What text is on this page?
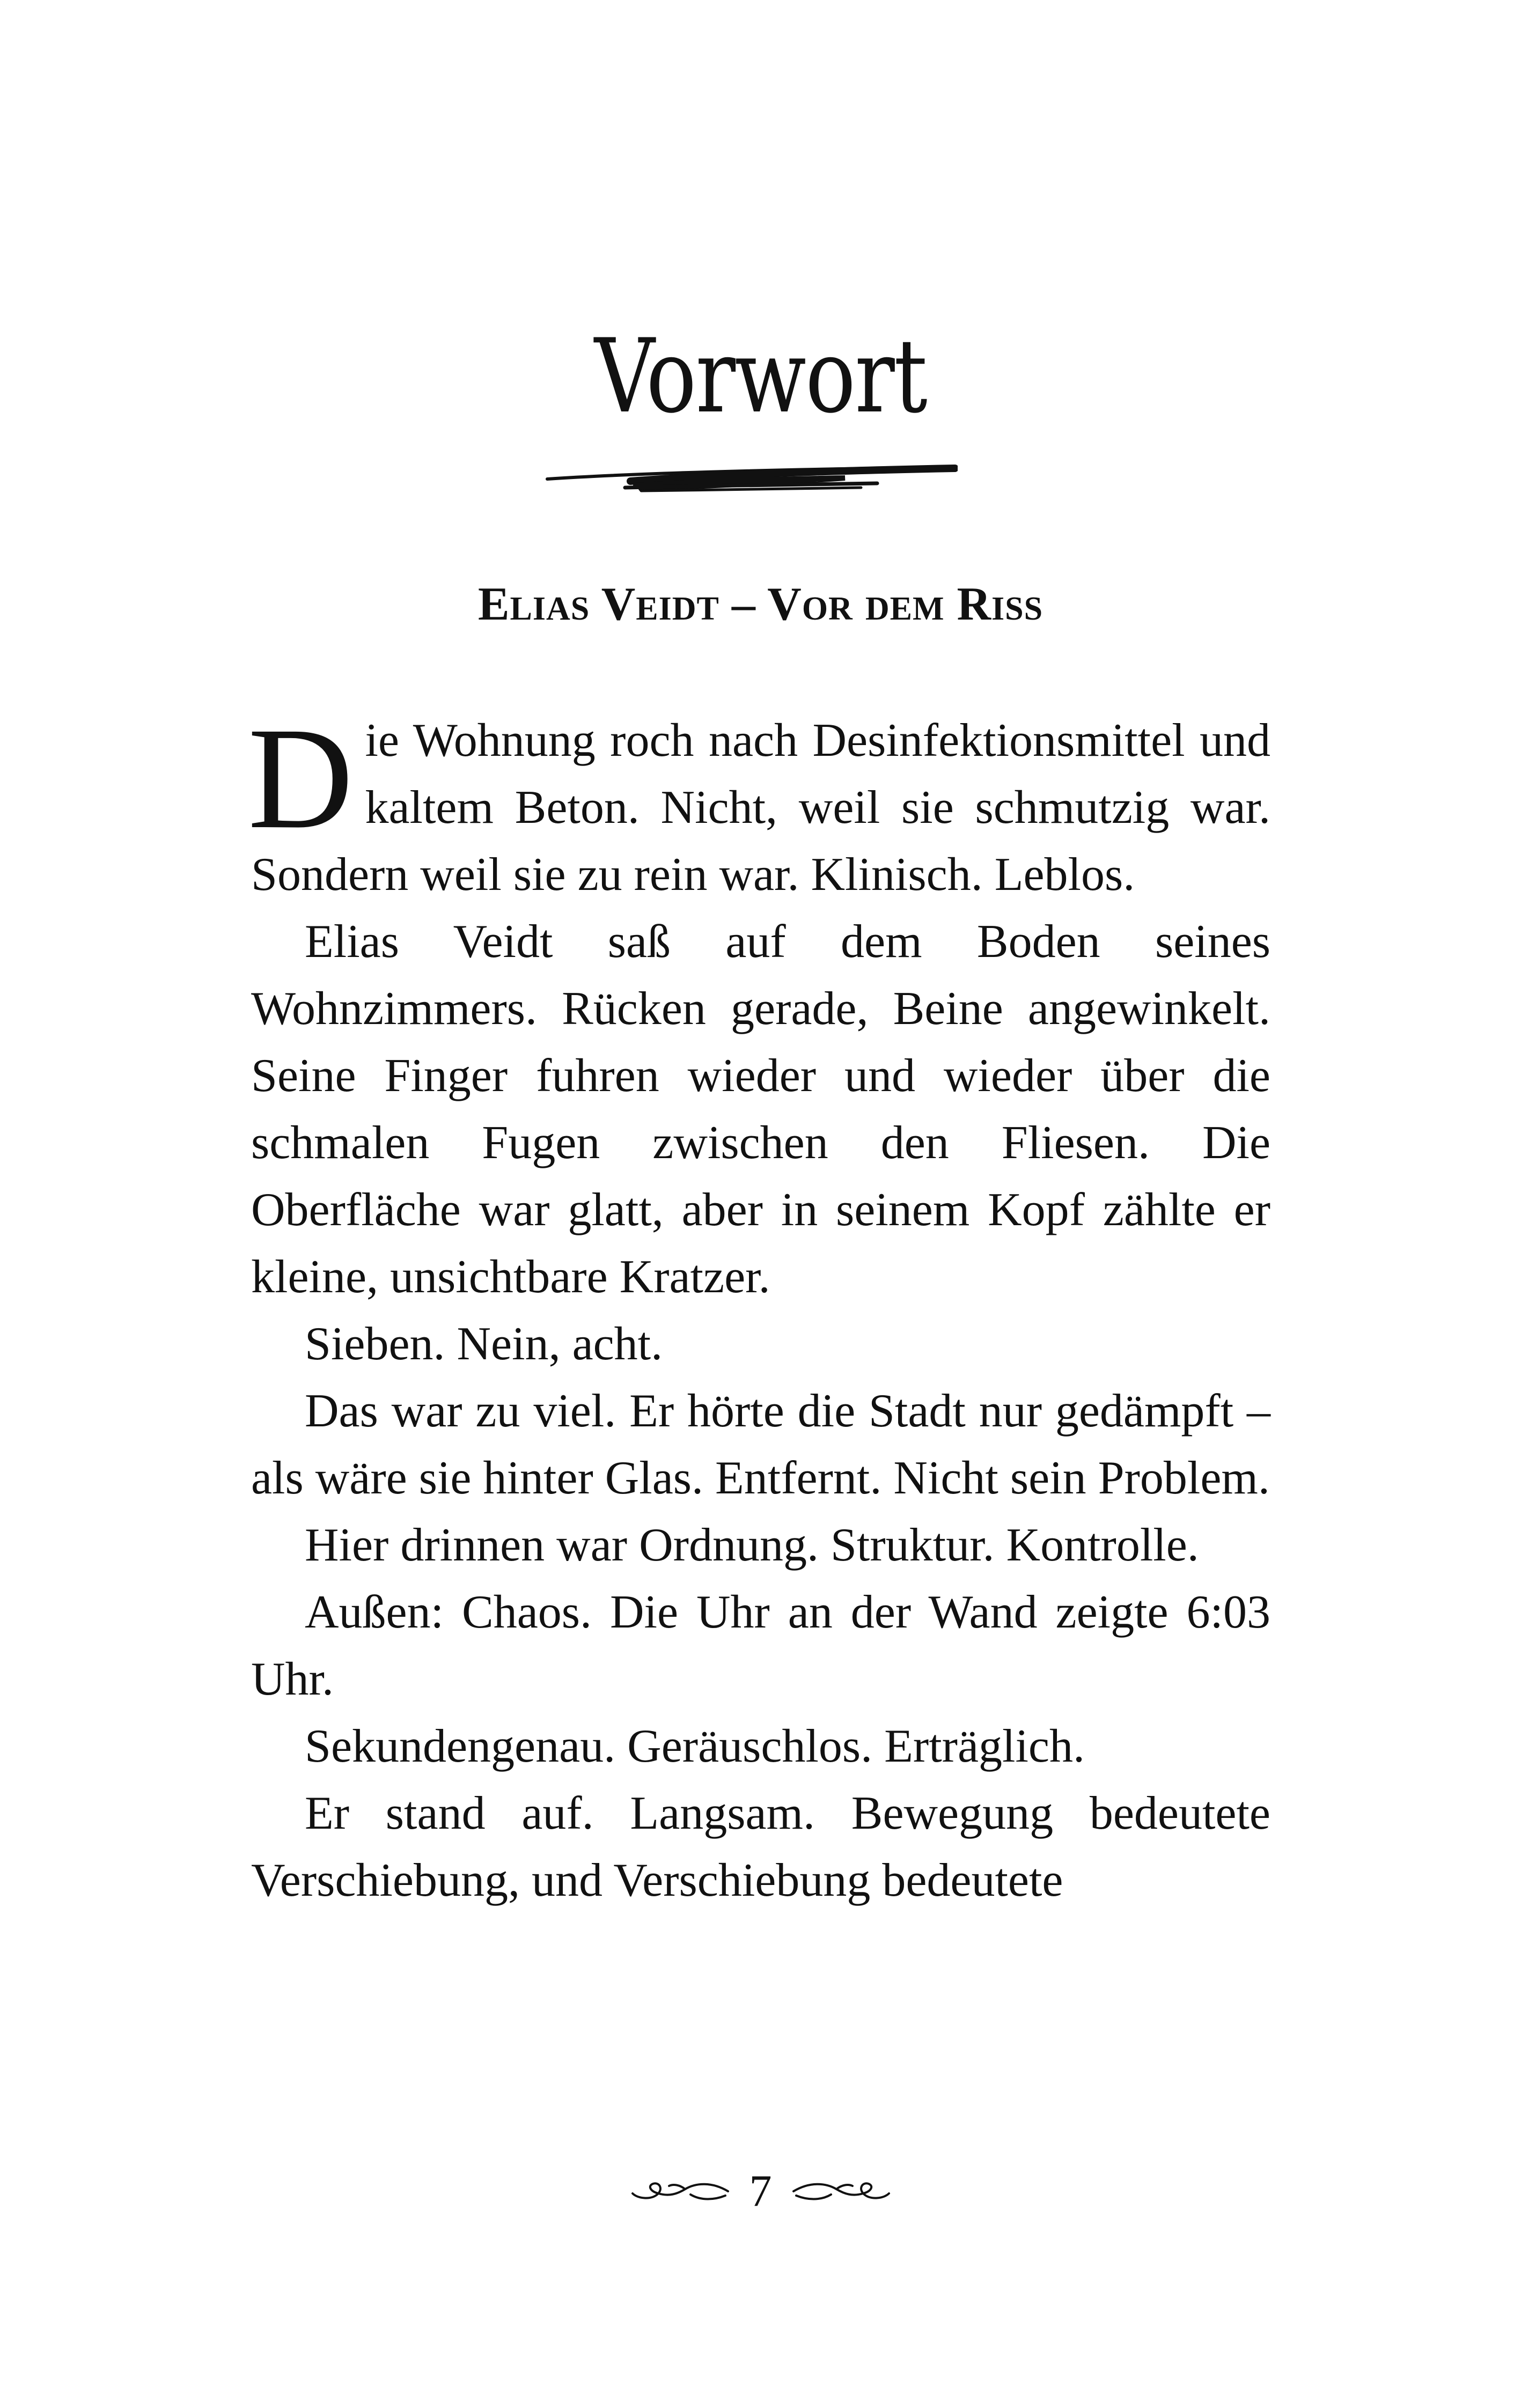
Vorwort
Elias Veidt – Vor dem Riss

Die Wohnung roch nach Desinfektionsmittel und kaltem Beton. Nicht, weil sie schmutzig war. Sondern weil sie zu rein war. Klinisch. Leblos.

Elias Veidt saß auf dem Boden seines Wohnzimmers. Rücken gerade, Beine angewinkelt. Seine Finger fuhren wieder und wieder über die schmalen Fugen zwischen den Fliesen. Die Oberfläche war glatt, aber in seinem Kopf zählte er kleine, unsichtbare Kratzer.

Sieben. Nein, acht.

Das war zu viel. Er hörte die Stadt nur gedämpft – als wäre sie hinter Glas. Entfernt. Nicht sein Problem.

Hier drinnen war Ordnung. Struktur. Kontrolle.

Außen: Chaos. Die Uhr an der Wand zeigte 6:03 Uhr.

Sekundengenau. Geräuschlos. Erträglich.

Er stand auf. Langsam. Bewegung bedeutete Verschiebung, und Verschiebung bedeutete

7
